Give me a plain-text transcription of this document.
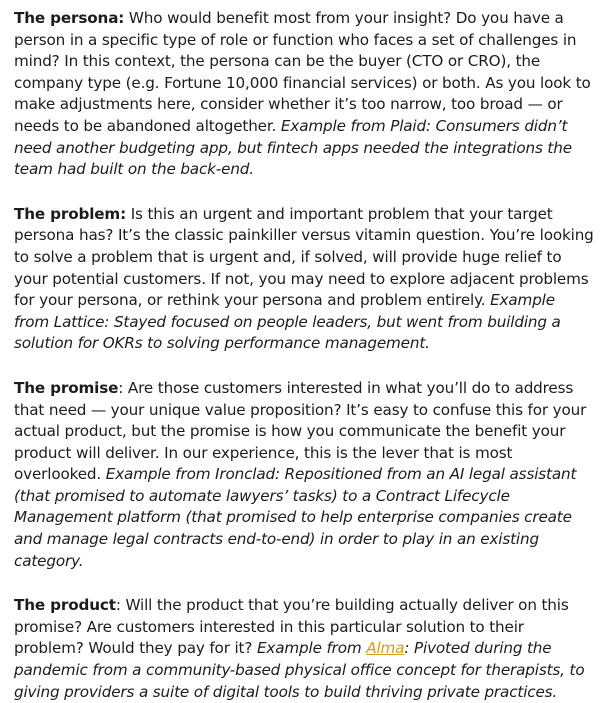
The persona: Who would benefit most from your insight? Do you have a person in a specific type of role or function who faces a set of challenges in mind? In this context, the persona can be the buyer (CTO or CRO), the company type (e.g. Fortune 10,000 financial services) or both. As you look to make adjustments here, consider whether it’s too narrow, too broad — or needs to be abandoned altogether. Example from Plaid: Consumers didn’t need another budgeting app, but fintech apps needed the integrations the team had built on the back-end.

The problem: Is this an urgent and important problem that your target persona has? It’s the classic painkiller versus vitamin question. You’re looking to solve a problem that is urgent and, if solved, will provide huge relief to your potential customers. If not, you may need to explore adjacent problems for your persona, or rethink your persona and problem entirely. Example from Lattice: Stayed focused on people leaders, but went from building a solution for OKRs to solving performance management.

The promise: Are those customers interested in what you’ll do to address that need — your unique value proposition? It’s easy to confuse this for your actual product, but the promise is how you communicate the benefit your product will deliver. In our experience, this is the lever that is most overlooked. Example from Ironclad: Repositioned from an AI legal assistant (that promised to automate lawyers’ tasks) to a Contract Lifecycle Management platform (that promised to help enterprise companies create and manage legal contracts end-to-end) in order to play in an existing category.

The product: Will the product that you’re building actually deliver on this promise? Are customers interested in this particular solution to their problem? Would they pay for it? Example from Alma: Pivoted during the pandemic from a community-based physical office concept for therapists, to giving providers a suite of digital tools to build thriving private practices.
